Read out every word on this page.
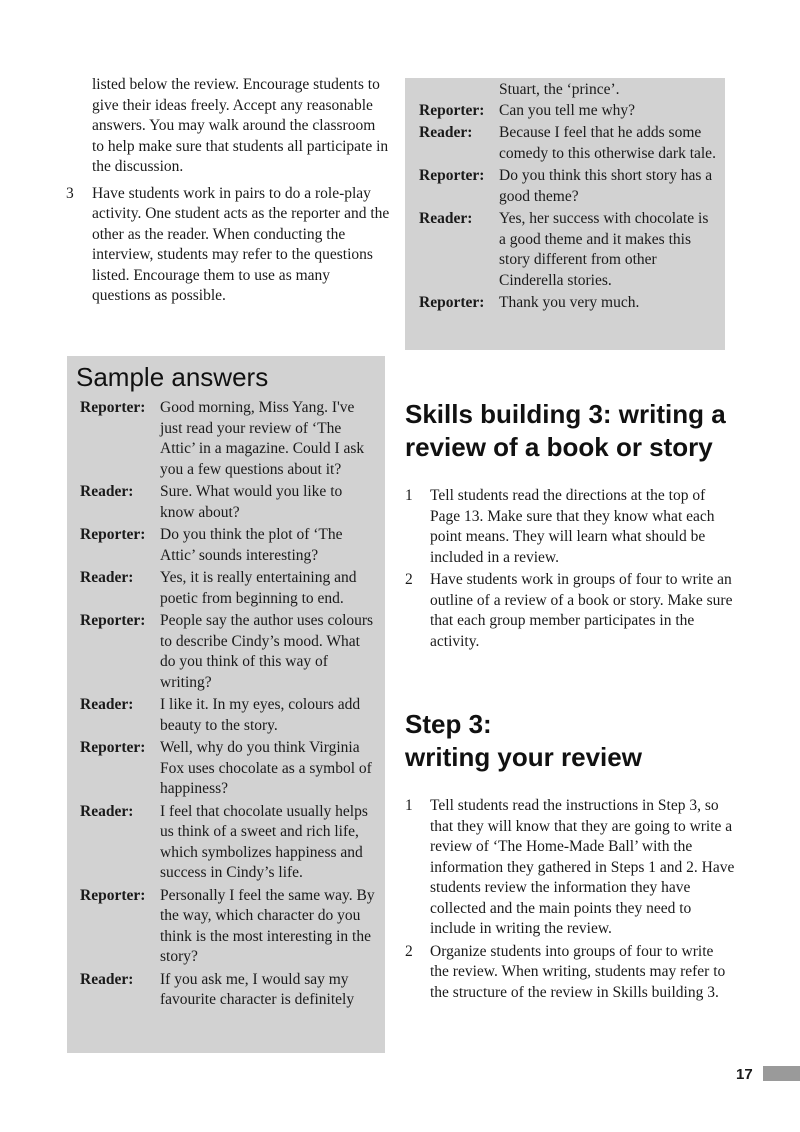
listed below the review. Encourage students to give their ideas freely. Accept any reasonable answers. You may walk around the classroom to help make sure that students all participate in the discussion.

3	Have students work in pairs to do a role-play activity. One student acts as the reporter and the other as the reader. When conducting the interview, students may refer to the questions listed. Encourage them to use as many questions as possible.
Sample answers
Reporter: Good morning, Miss Yang. I've just read your review of ‘The Attic’ in a magazine. Could I ask you a few questions about it?
Reader:	Sure. What would you like to know about?
Reporter: Do you think the plot of ‘The Attic’ sounds interesting?
Reader:	Yes, it is really entertaining and poetic from beginning to end.
Reporter: People say the author uses colours to describe Cindy’s mood. What do you think of this way of writing?
Reader:	I like it. In my eyes, colours add beauty to the story.
Reporter: Well, why do you think Virginia Fox uses chocolate as a symbol of happiness?
Reader:	I feel that chocolate usually helps us think of a sweet and rich life, which symbolizes happiness and success in Cindy’s life.
Reporter: Personally I feel the same way. By the way, which character do you think is the most interesting in the story?
Reader:	If you ask me, I would say my favourite character is definitely
Stuart, the ‘prince’.
Reporter: Can you tell me why?
Reader:	Because I feel that he adds some comedy to this otherwise dark tale.
Reporter: Do you think this short story has a good theme?
Reader:	Yes, her success with chocolate is a good theme and it makes this story different from other Cinderella stories.
Reporter: Thank you very much.
Skills building 3: writing a review of a book or story
1	Tell students read the directions at the top of Page 13. Make sure that they know what each point means. They will learn what should be included in a review.
2	Have students work in groups of four to write an outline of a review of a book or story. Make sure that each group member participates in the activity.
Step 3:
writing your review
1	Tell students read the instructions in Step 3, so that they will know that they are going to write a review of ‘The Home-Made Ball’ with the information they gathered in Steps 1 and 2. Have students review the information they have collected and the main points they need to include in writing the review.
2	Organize students into groups of four to write the review. When writing, students may refer to the structure of the review in Skills building 3.
17
